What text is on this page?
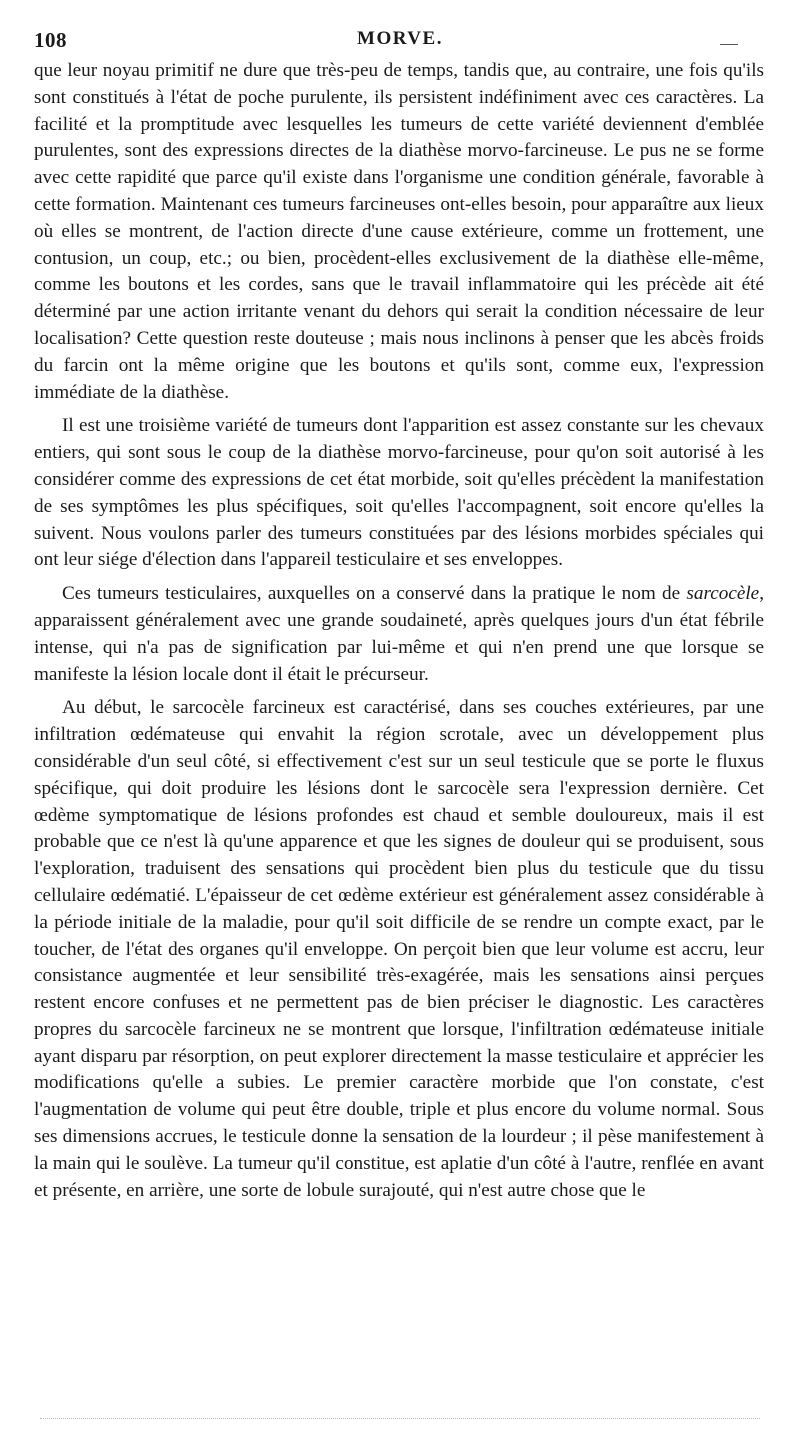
108	MORVE.

que leur noyau primitif ne dure que très-peu de temps, tandis que, au contraire, une fois qu'ils sont constitués à l'état de poche purulente, ils persistent indéfiniment avec ces caractères. La facilité et la promptitude avec lesquelles les tumeurs de cette variété deviennent d'emblée purulentes, sont des expressions directes de la diathèse morvo-farcineuse. Le pus ne se forme avec cette rapidité que parce qu'il existe dans l'organisme une condition générale, favorable à cette formation. Maintenant ces tumeurs farcineuses ont-elles besoin, pour apparaître aux lieux où elles se montrent, de l'action directe d'une cause extérieure, comme un frottement, une contusion, un coup, etc.; ou bien, procèdent-elles exclusivement de la diathèse elle-même, comme les boutons et les cordes, sans que le travail inflammatoire qui les précède ait été déterminé par une action irritante venant du dehors qui serait la condition nécessaire de leur localisation? Cette question reste douteuse ; mais nous inclinons à penser que les abcès froids du farcin ont la même origine que les boutons et qu'ils sont, comme eux, l'expression immédiate de la diathèse.

Il est une troisième variété de tumeurs dont l'apparition est assez constante sur les chevaux entiers, qui sont sous le coup de la diathèse morvo-farcineuse, pour qu'on soit autorisé à les considérer comme des expressions de cet état morbide, soit qu'elles précèdent la manifestation de ses symptômes les plus spécifiques, soit qu'elles l'accompagnent, soit encore qu'elles la suivent. Nous voulons parler des tumeurs constituées par des lésions morbides spéciales qui ont leur siége d'élection dans l'appareil testiculaire et ses enveloppes.

Ces tumeurs testiculaires, auxquelles on a conservé dans la pratique le nom de sarcocèle, apparaissent généralement avec une grande soudaineté, après quelques jours d'un état fébrile intense, qui n'a pas de signification par lui-même et qui n'en prend une que lorsque se manifeste la lésion locale dont il était le précurseur.

Au début, le sarcocèle farcineux est caractérisé, dans ses couches extérieures, par une infiltration œdémateuse qui envahit la région scrotale, avec un développement plus considérable d'un seul côté, si effectivement c'est sur un seul testicule que se porte le fluxus spécifique, qui doit produire les lésions dont le sarcocèle sera l'expression dernière. Cet œdème symptomatique de lésions profondes est chaud et semble douloureux, mais il est probable que ce n'est là qu'une apparence et que les signes de douleur qui se produisent, sous l'exploration, traduisent des sensations qui procèdent bien plus du testicule que du tissu cellulaire œdématié. L'épaisseur de cet œdème extérieur est généralement assez considérable à la période initiale de la maladie, pour qu'il soit difficile de se rendre un compte exact, par le toucher, de l'état des organes qu'il enveloppe. On perçoit bien que leur volume est accru, leur consistance augmentée et leur sensibilité très-exagérée, mais les sensations ainsi perçues restent encore confuses et ne permettent pas de bien préciser le diagnostic. Les caractères propres du sarcocèle farcineux ne se montrent que lorsque, l'infiltration œdémateuse initiale ayant disparu par résorption, on peut explorer directement la masse testiculaire et apprécier les modifications qu'elle a subies. Le premier caractère morbide que l'on constate, c'est l'augmentation de volume qui peut être double, triple et plus encore du volume normal. Sous ses dimensions accrues, le testicule donne la sensation de la lourdeur ; il pèse manifestement à la main qui le soulève. La tumeur qu'il constitue, est aplatie d'un côté à l'autre, renflée en avant et présente, en arrière, une sorte de lobule surajouté, qui n'est autre chose que le
